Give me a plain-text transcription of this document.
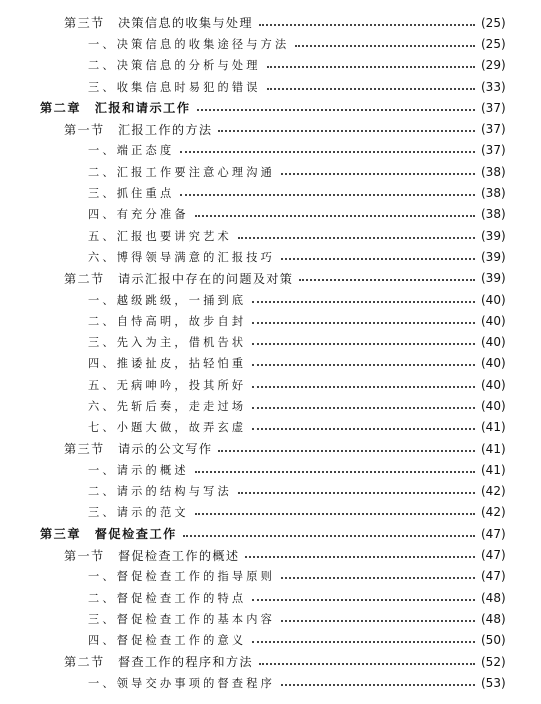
第三节　决策信息的收集与处理	(25)
一、决策信息的收集途径与方法	(25)
二、决策信息的分析与处理	(29)
三、收集信息时易犯的错误	(33)
第二章　汇报和请示工作	(37)
第一节　汇报工作的方法	(37)
一、端正态度	(37)
二、汇报工作要注意心理沟通	(38)
三、抓住重点	(38)
四、有充分准备	(38)
五、汇报也要讲究艺术	(39)
六、博得领导满意的汇报技巧	(39)
第二节　请示汇报中存在的问题及对策	(39)
一、越级跳级，一捅到底	(40)
二、自恃高明，故步自封	(40)
三、先入为主，借机告状	(40)
四、推诿扯皮，拈轻怕重	(40)
五、无病呻吟，投其所好	(40)
六、先斩后奏，走走过场	(40)
七、小题大做，故弄玄虚	(41)
第三节　请示的公文写作	(41)
一、请示的概述	(41)
二、请示的结构与写法	(42)
三、请示的范文	(42)
第三章　督促检查工作	(47)
第一节　督促检查工作的概述	(47)
一、督促检查工作的指导原则	(47)
二、督促检查工作的特点	(48)
三、督促检查工作的基本内容	(48)
四、督促检查工作的意义	(50)
第二节　督查工作的程序和方法	(52)
一、领导交办事项的督查程序	(53)
